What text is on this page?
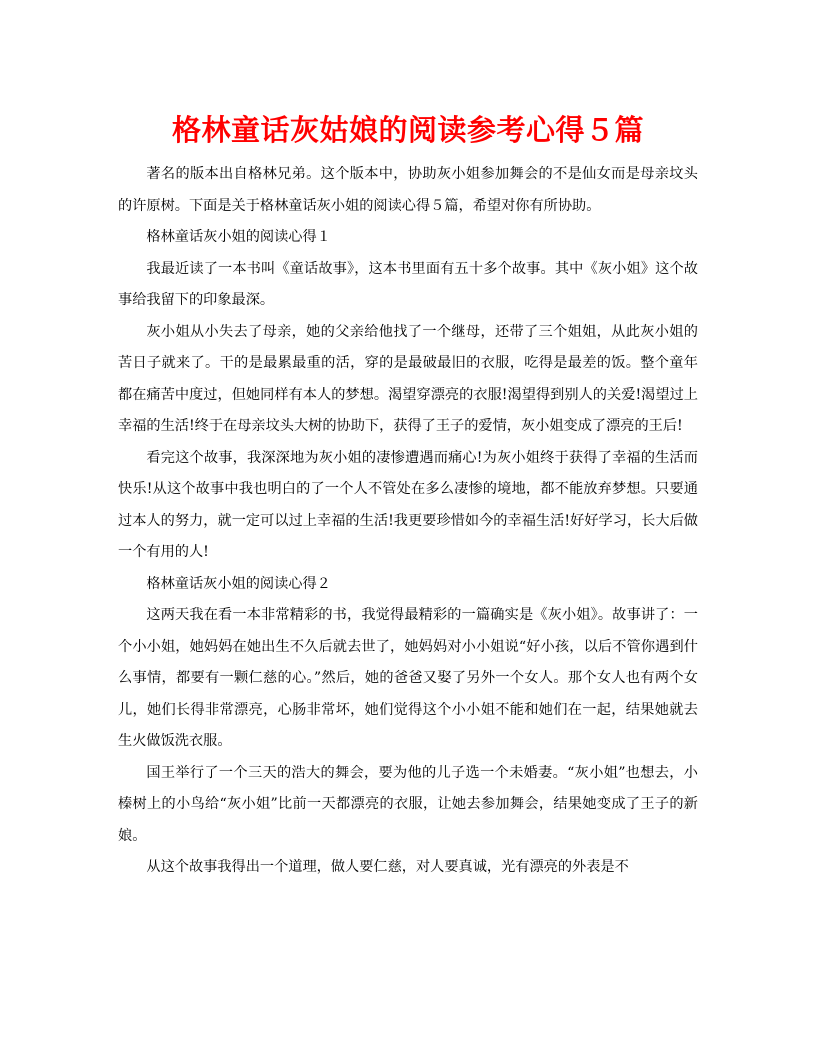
格林童话灰姑娘的阅读参考心得５篇

著名的版本出自格林兄弟。这个版本中，协助灰小姐参加舞会的不是仙女而是母亲坟头的许原树。下面是关于格林童话灰小姐的阅读心得５篇，希望对你有所协助。

格林童话灰小姐的阅读心得１

我最近读了一本书叫《童话故事》，这本书里面有五十多个故事。其中《灰小姐》这个故事给我留下的印象最深。

灰小姐从小失去了母亲，她的父亲给他找了一个继母，还带了三个姐姐，从此灰小姐的苦日子就来了。干的是最累最重的活，穿的是最破最旧的衣服，吃得是最差的饭。整个童年都在痛苦中度过，但她同样有本人的梦想。渴望穿漂亮的衣服!渴望得到别人的关爱!渴望过上幸福的生活!终于在母亲坟头大树的协助下，获得了王子的爱情，灰小姐变成了漂亮的王后!

看完这个故事，我深深地为灰小姐的凄惨遭遇而痛心!为灰小姐终于获得了幸福的生活而快乐!从这个故事中我也明白的了一个人不管处在多么凄惨的境地，都不能放弃梦想。只要通过本人的努力，就一定可以过上幸福的生活!我更要珍惜如今的幸福生活!好好学习，长大后做一个有用的人!

格林童话灰小姐的阅读心得２

这两天我在看一本非常精彩的书，我觉得最精彩的一篇确实是《灰小姐》。故事讲了：一个小小姐，她妈妈在她出生不久后就去世了，她妈妈对小小姐说“好小孩，以后不管你遇到什么事情，都要有一颗仁慈的心。”然后，她的爸爸又娶了另外一个女人。那个女人也有两个女儿，她们长得非常漂亮，心肠非常坏，她们觉得这个小小姐不能和她们在一起，结果她就去生火做饭洗衣服。

国王举行了一个三天的浩大的舞会，要为他的儿子选一个未婚妻。“灰小姐”也想去，小榛树上的小鸟给“灰小姐”比前一天都漂亮的衣服，让她去参加舞会，结果她变成了王子的新娘。

从这个故事我得出一个道理，做人要仁慈，对人要真诚，光有漂亮的外表是不
